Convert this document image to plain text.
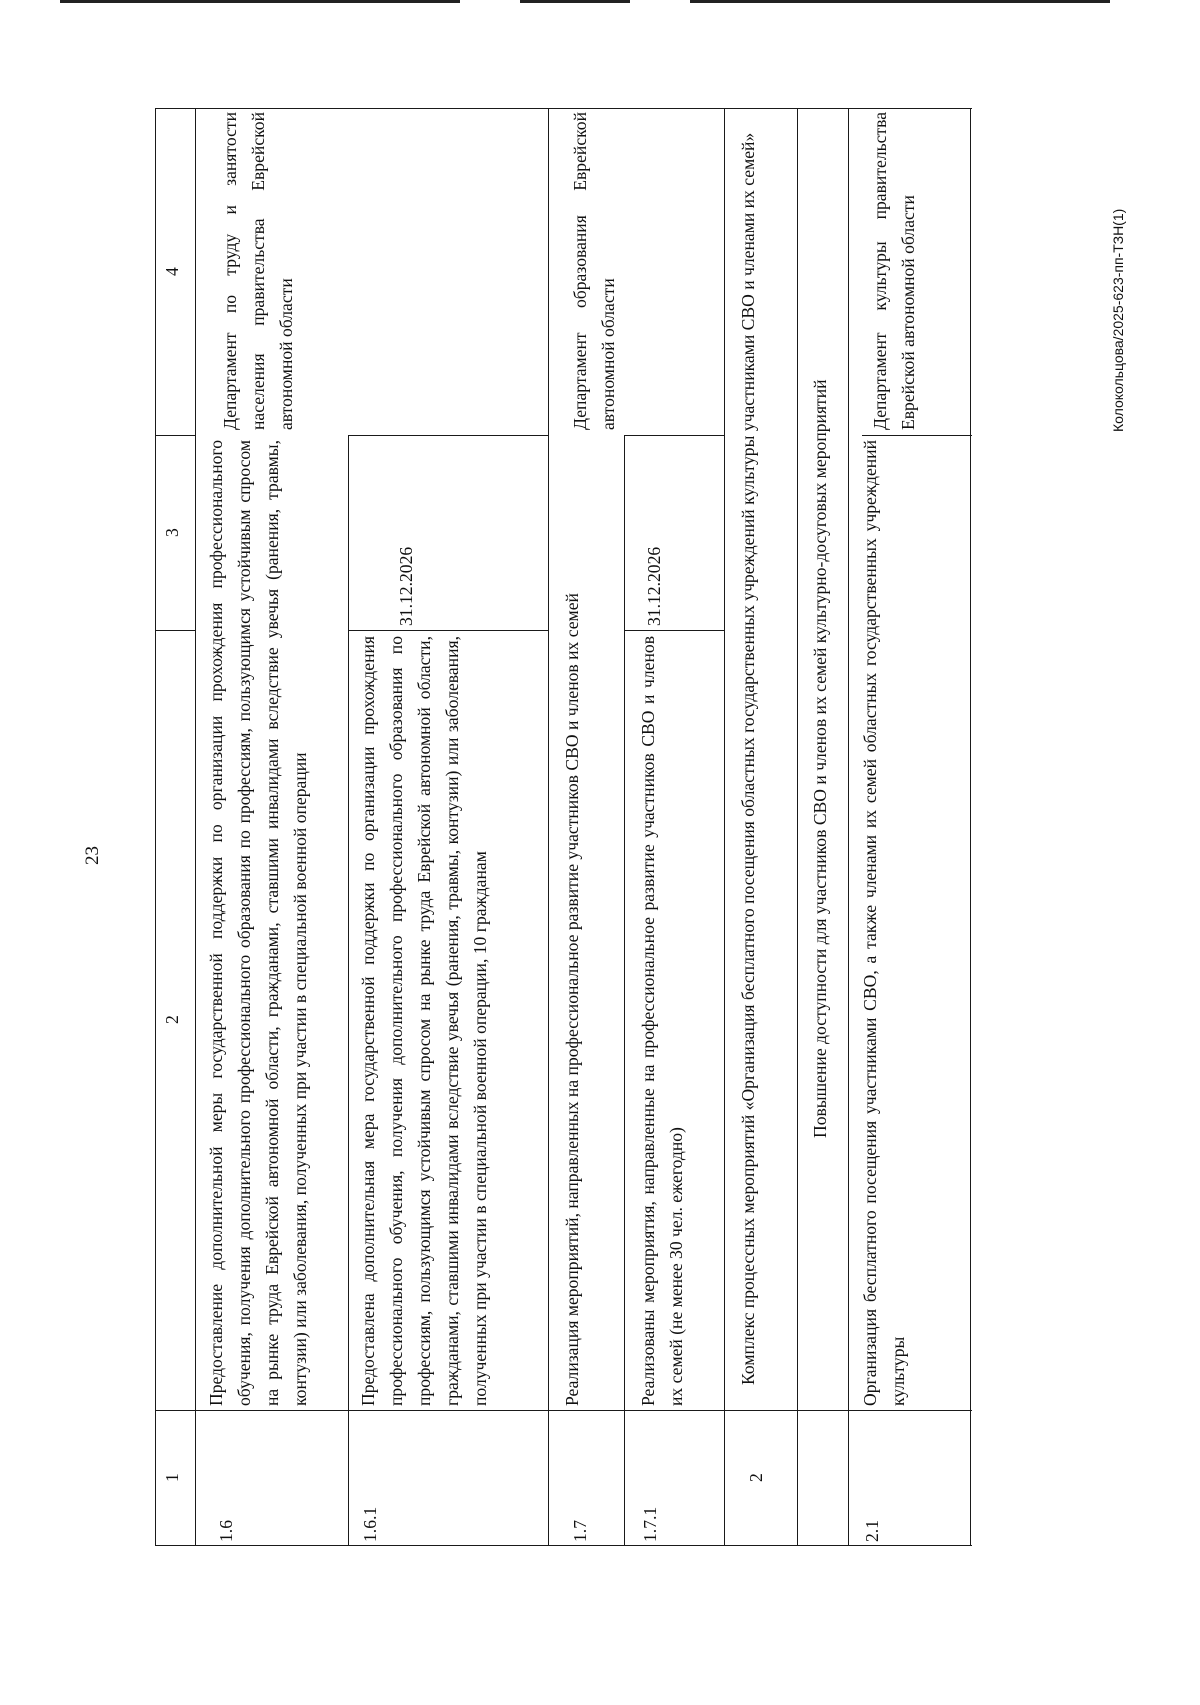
23
Колокольцова/2025-623-пп-ТЗН(1)
1
2
3
4
1.6
Предоставление дополнительной меры государственной поддержки по организации прохождения профессионального обучения, получения дополнительного профессионального образования по профессиям, пользующимся устойчивым спросом на рынке труда Еврейской автономной области, гражданами, ставшими инвалидами вследствие увечья (ранения, травмы, контузии) или заболевания, полученных при участии в специальной военной операции
Департамент по труду и занятости населения правительства Еврейской автономной области
1.6.1
Предоставлена дополнительная мера государственной поддержки по организации прохождения профессионального обучения, получения дополнительного профессионального образования по профессиям, пользующимся устойчивым спросом на рынке труда Еврейской автономной области, гражданами, ставшими инвалидами вследствие увечья (ранения, травмы, контузии) или заболевания, полученных при участии в специальной военной операции, 10 гражданам
31.12.2026
1.7
Реализация мероприятий, направленных на профессиональное развитие участников СВО и членов их семей
Департамент образования Еврейской автономной области
1.7.1
Реализованы мероприятия, направленные на профессиональное развитие участников СВО и членов их семей (не менее 30 чел. ежегодно)
31.12.2026
2
Комплекс процессных мероприятий «Организация бесплатного посещения областных государственных учреждений культуры участниками СВО и членами их семей»	Повышение доступности для участников СВО и членов их семей культурно-досуговых мероприятий
2.1
Организация бесплатного посещения участниками СВО, а также членами их семей областных государственных учреждений культуры
Департамент культуры правительства Еврейской автономной области
